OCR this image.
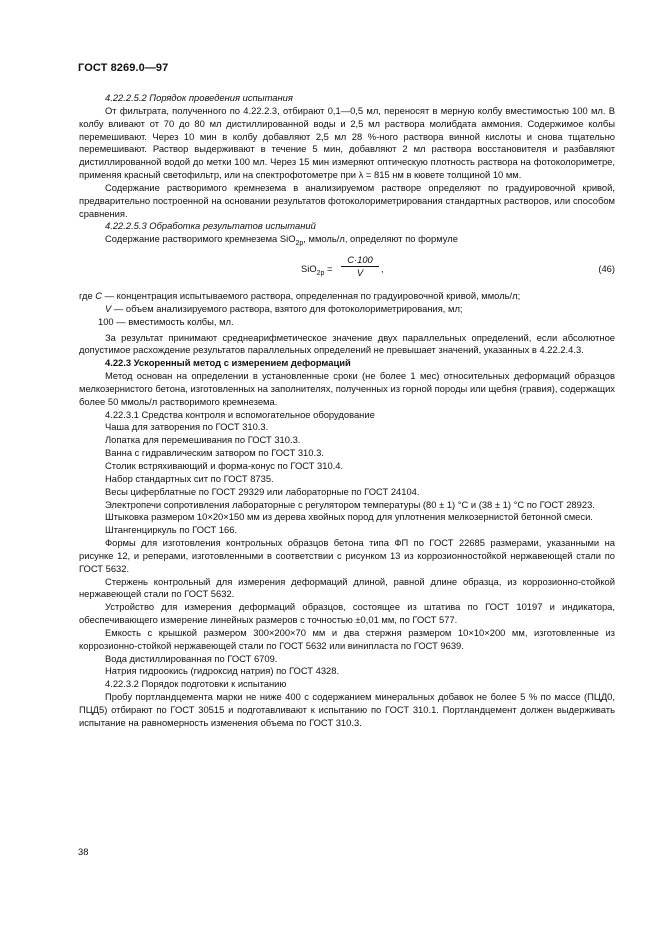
ГОСТ 8269.0—97

4.22.2.5.2 Порядок проведения испытания

От фильтрата, полученного по 4.22.2.3, отбирают 0,1—0,5 мл, переносят в мерную колбу вместимостью 100 мл. В колбу вливают от 70 до 80 мл дистиллированной воды и 2,5 мл раствора молибдата аммония. Содержимое колбы перемешивают. Через 10 мин в колбу добавляют 2,5 мл 28 %-ного раствора винной кислоты и снова тщательно перемешивают. Раствор выдерживают в течение 5 мин, добавляют 2 мл раствора восстановителя и разбавляют дистиллированной водой до метки 100 мл. Через 15 мин измеряют оптическую плотность раствора на фотоколориметре, применяя красный светофильтр, или на спектрофотометре при λ = 815 нм в кювете толщиной 10 мм.

Содержание растворимого кремнезема в анализируемом растворе определяют по градуировочной кривой, предварительно построенной на основании результатов фотоколориметрирования стандартных растворов, или способом сравнения.

4.22.2.5.3 Обработка результатов испытаний

Содержание растворимого кремнезема SiO$_{2р}$, ммоль/л, определяют по формуле

$SiO_{2р} = \frac{C\cdot 100}{V}$ ,	(46)

где C — концентрация испытываемого раствора, определенная по градуировочной кривой, ммоль/л;

V — объем анализируемого раствора, взятого для фотоколориметрирования, мл;

100 — вместимость колбы, мл.

За результат принимают среднеарифметическое значение двух параллельных определений, если абсолютное допустимое расхождение результатов параллельных определений не превышает значений, указанных в 4.22.2.4.3.

4.22.3 Ускоренный метод с измерением деформаций

Метод основан на определении в установленные сроки (не более 1 мес) относительных деформаций образцов мелкозернистого бетона, изготовленных на заполнителях, полученных из горной породы или щебня (гравия), содержащих более 50 ммоль/л растворимого кремнезема.

4.22.3.1 Средства контроля и вспомогательное оборудование

Чаша для затворения по ГОСТ 310.3.

Лопатка для перемешивания по ГОСТ 310.3.

Ванна с гидравлическим затвором по ГОСТ 310.3.

Столик встряхивающий и форма-конус по ГОСТ 310.4.

Набор стандартных сит по ГОСТ 8735.

Весы циферблатные по ГОСТ 29329 или лабораторные по ГОСТ 24104.

Электропечи сопротивления лабораторные с регулятором температуры (80 ± 1) °С и (38 ± 1) °С по ГОСТ 28923.

Штыковка размером 10×20×150 мм из дерева хвойных пород для уплотнения мелкозернистой бетонной смеси.

Штангенциркуль по ГОСТ 166.

Формы для изготовления контрольных образцов бетона типа ФП по ГОСТ 22685 размерами, указанными на рисунке 12, и реперами, изготовленными в соответствии с рисунком 13 из коррозионностойкой нержавеющей стали по ГОСТ 5632.

Стержень контрольный для измерения деформаций длиной, равной длине образца, из коррозионно-стойкой нержавеющей стали по ГОСТ 5632.

Устройство для измерения деформаций образцов, состоящее из штатива по ГОСТ 10197 и индикатора, обеспечивающего измерение линейных размеров с точностью ±0,01 мм, по ГОСТ 577.

Емкость с крышкой размером 300×200×70 мм и два стержня размером 10×10×200 мм, изготовленные из коррозионно-стойкой нержавеющей стали по ГОСТ 5632 или винипласта по ГОСТ 9639.

Вода дистиллированная по ГОСТ 6709.

Натрия гидроокись (гидроксид натрия) по ГОСТ 4328.

4.22.3.2 Порядок подготовки к испытанию

Пробу портландцемента марки не ниже 400 с содержанием минеральных добавок не более 5 % по массе (ПЦД0, ПЦД5) отбирают по ГОСТ 30515 и подготавливают к испытанию по ГОСТ 310.1. Портландцемент должен выдерживать испытание на равномерность изменения объема по ГОСТ 310.3.

38
